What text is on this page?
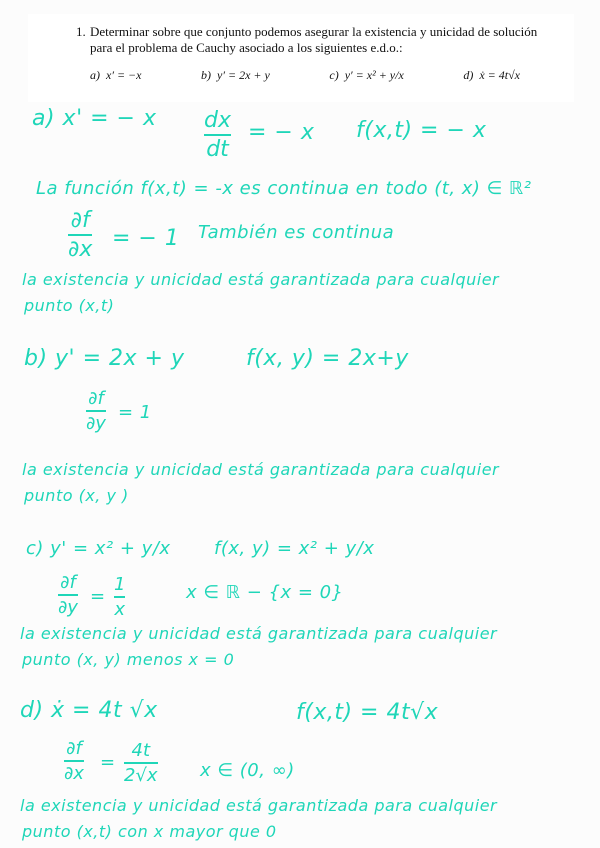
1. Determinar sobre que conjunto podemos asegurar la existencia y unicidad de solución
para el problema de Cauchy asociado a los siguientes e.d.o.:
a) x′ = −x	b) y′ = 2x + y	c) y′ = x² + y/x	d) ẋ = 4t√x
a) x' = − x dx
dt
= − x f(x,t) = − x
La función f(x,t) = -x es continua en todo (t, x) ∈ ℝ²
∂f
∂x = − 1 También es continua
la existencia y unicidad está garantizada para cualquier
punto (x,t)
b) y' = 2x + y	f(x, y) = 2x+y
∂f
∂y
= 1
la existencia y unicidad está garantizada para cualquier
punto (x, y )
c) y' = x² + y/x f(x, y) = x² + y/x
∂f
∂y
=
1
x
x ∈ ℝ − {x = 0}
la existencia y unicidad está garantizada para cualquier
punto (x, y) menos x = 0
d) ẋ = 4t √x	f(x,t) = 4t√x
∂f
∂x
=
4t
2√x x ∈ (0, ∞)
la existencia y unicidad está garantizada para cualquier
punto (x,t) con x mayor que 0
